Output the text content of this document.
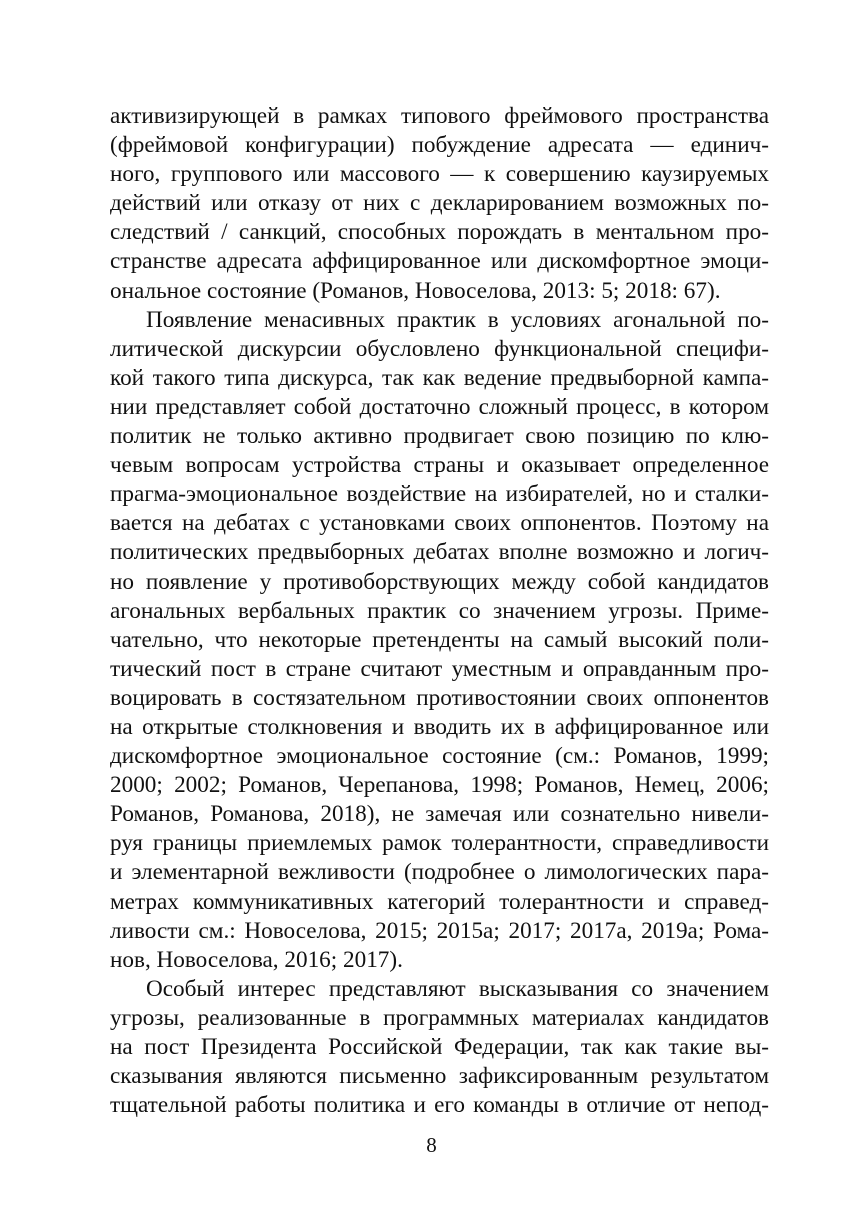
активизирующей в рамках типового фреймового пространства
(фреймовой конфигурации) побуждение адресата — единич-
ного, группового или массового — к совершению каузируемых
действий или отказу от них с декларированием возможных по-
следствий / санкций, способных порождать в ментальном про-
странстве адресата аффицированное или дискомфортное эмоци-
ональное состояние (Романов, Новоселова, 2013: 5; 2018: 67).
Появление менасивных практик в условиях агональной по-
литической дискурсии обусловлено функциональной специфи-
кой такого типа дискурса, так как ведение предвыборной кампа-
нии представляет собой достаточно сложный процесс, в котором
политик не только активно продвигает свою позицию по клю-
чевым вопросам устройства страны и оказывает определенное
прагма-эмоциональное воздействие на избирателей, но и сталки-
вается на дебатах с установками своих оппонентов. Поэтому на
политических предвыборных дебатах вполне возможно и логич-
но появление у противоборствующих между собой кандидатов
агональных вербальных практик со значением угрозы. Приме-
чательно, что некоторые претенденты на самый высокий поли-
тический пост в стране считают уместным и оправданным про-
воцировать в состязательном противостоянии своих оппонентов
на открытые столкновения и вводить их в аффицированное или
дискомфортное эмоциональное состояние (см.: Романов, 1999;
2000; 2002; Романов, Черепанова, 1998; Романов, Немец, 2006;
Романов, Романова, 2018), не замечая или сознательно нивели-
руя границы приемлемых рамок толерантности, справедливости
и элементарной вежливости (подробнее о лимологических пара-
метрах коммуникативных категорий толерантности и справед-
ливости см.: Новоселова, 2015; 2015а; 2017; 2017а, 2019а; Рома-
нов, Новоселова, 2016; 2017).
Особый интерес представляют высказывания со значением
угрозы, реализованные в программных материалах кандидатов
на пост Президента Российской Федерации, так как такие вы-
сказывания являются письменно зафиксированным результатом
тщательной работы политика и его команды в отличие от непод-
8
